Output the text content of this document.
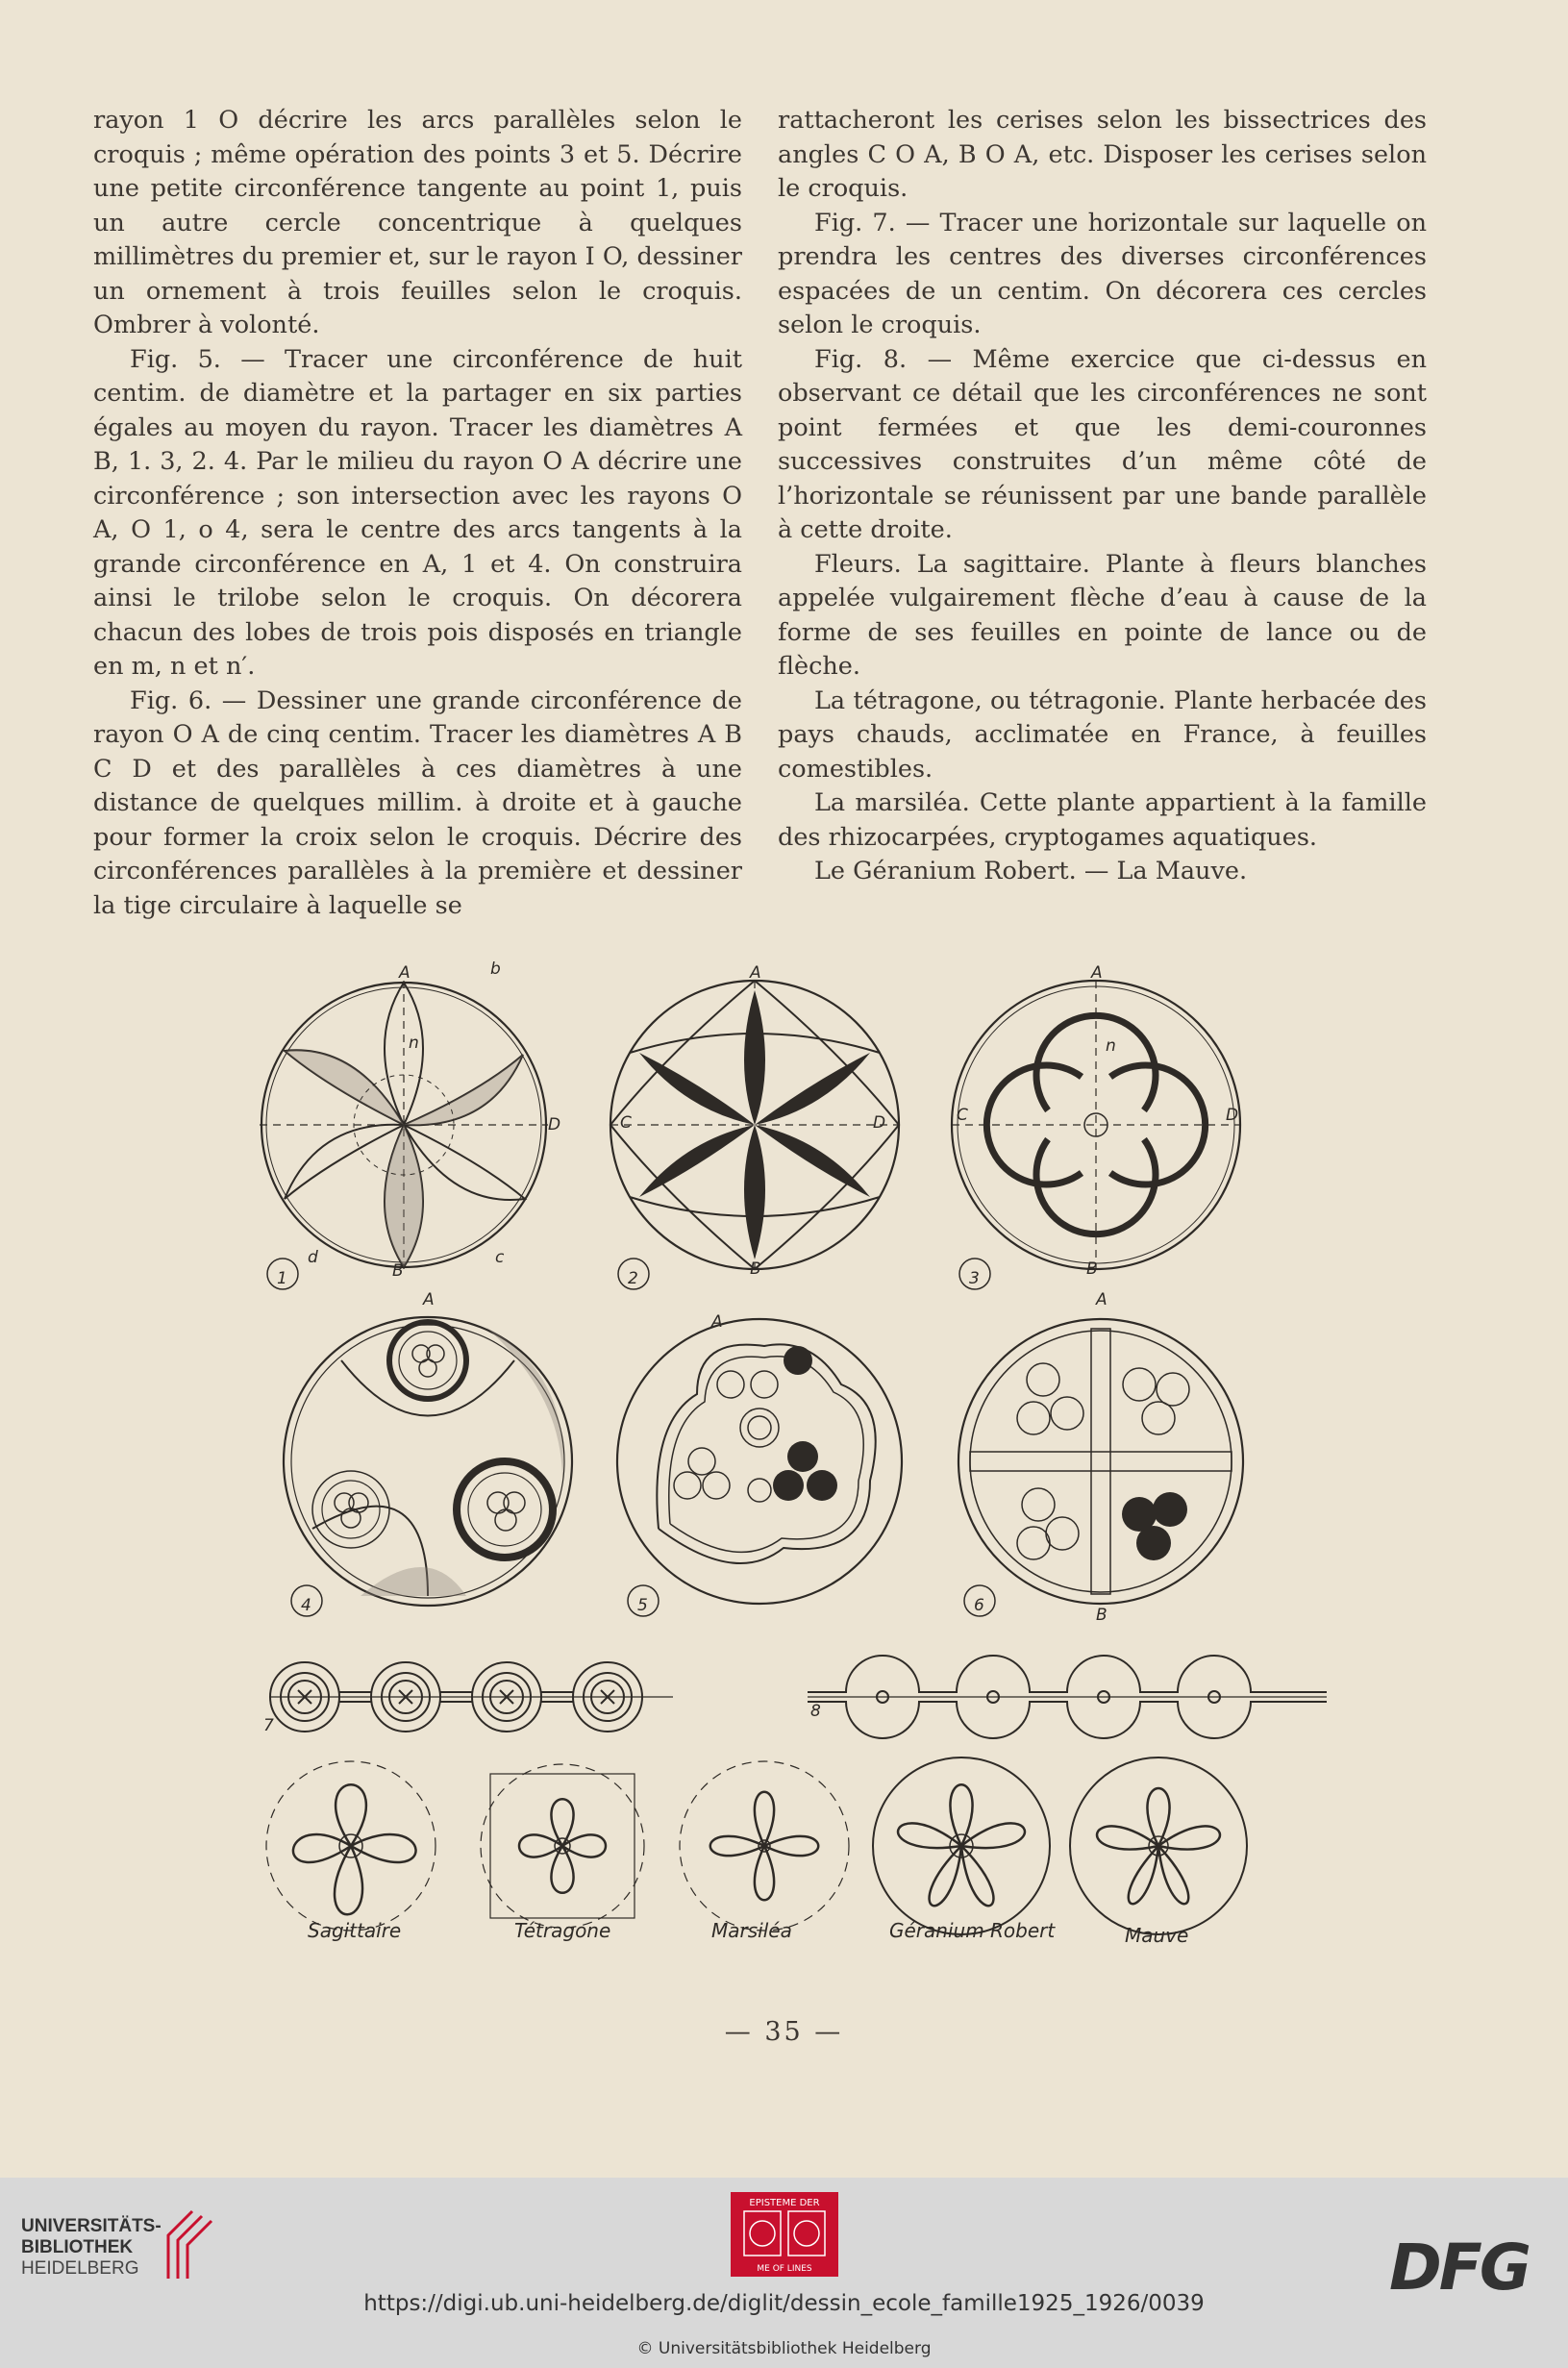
rayon 1 O décrire les arcs parallèles selon le croquis ; même opération des points 3 et 5. Décrire une petite circonférence tangente au point 1, puis un autre cercle concentrique à quelques millimètres du premier et, sur le rayon I O, dessiner un ornement à trois feuilles selon le croquis. Ombrer à volonté.

Fig. 5. — Tracer une circonférence de huit centim. de diamètre et la partager en six parties égales au moyen du rayon. Tracer les diamètres A B, 1. 3, 2. 4. Par le milieu du rayon O A décrire une circonférence ; son intersection avec les rayons O A, O 1, o 4, sera le centre des arcs tangents à la grande circonférence en A, 1 et 4. On construira ainsi le trilobe selon le croquis. On décorera chacun des lobes de trois pois disposés en triangle en m, n et n′.

Fig. 6. — Dessiner une grande circonférence de rayon O A de cinq centim. Tracer les diamètres A B C D et des parallèles à ces diamètres à une distance de quelques millim. à droite et à gauche pour former la croix selon le croquis. Décrire des circonférences parallèles à la première et dessiner la tige circulaire à laquelle se

rattacheront les cerises selon les bissectrices des angles C O A, B O A, etc. Disposer les cerises selon le croquis.

Fig. 7. — Tracer une horizontale sur laquelle on prendra les centres des diverses circonférences espacées de un centim. On décorera ces cercles selon le croquis.

Fig. 8. — Même exercice que ci-dessus en observant ce détail que les circonférences ne sont point fermées et que les demi-couronnes successives construites d’un même côté de l’horizontale se réunissent par une bande parallèle à cette droite.

Fleurs. La sagittaire. Plante à fleurs blanches appelée vulgairement flèche d’eau à cause de la forme de ses feuilles en pointe de lance ou de flèche.

La tétragone, ou tétragonie. Plante herbacée des pays chauds, acclimatée en France, à feuilles comestibles.

La marsiléa. Cette plante appartient à la famille des rhizocarpées, cryptogames aquatiques.

Le Géranium Robert. — La Mauve.

A
B
D
b
d	c
n
1
A
C	D
B
2
A
C	D
B
n
3
A
4
A
5
A
B
6
7
8
Sagittaire	Tétragone	Marsiléa	Géranium Robert	Mauve
— 35 —
UNIVERSITÄTS-
BIBLIOTHEK
HEIDELBERG
EPISTEME DER
ME OF LINES	DFG
https://digi.ub.uni-heidelberg.de/diglit/dessin_ecole_famille1925_1926/0039
© Universitätsbibliothek Heidelberg
